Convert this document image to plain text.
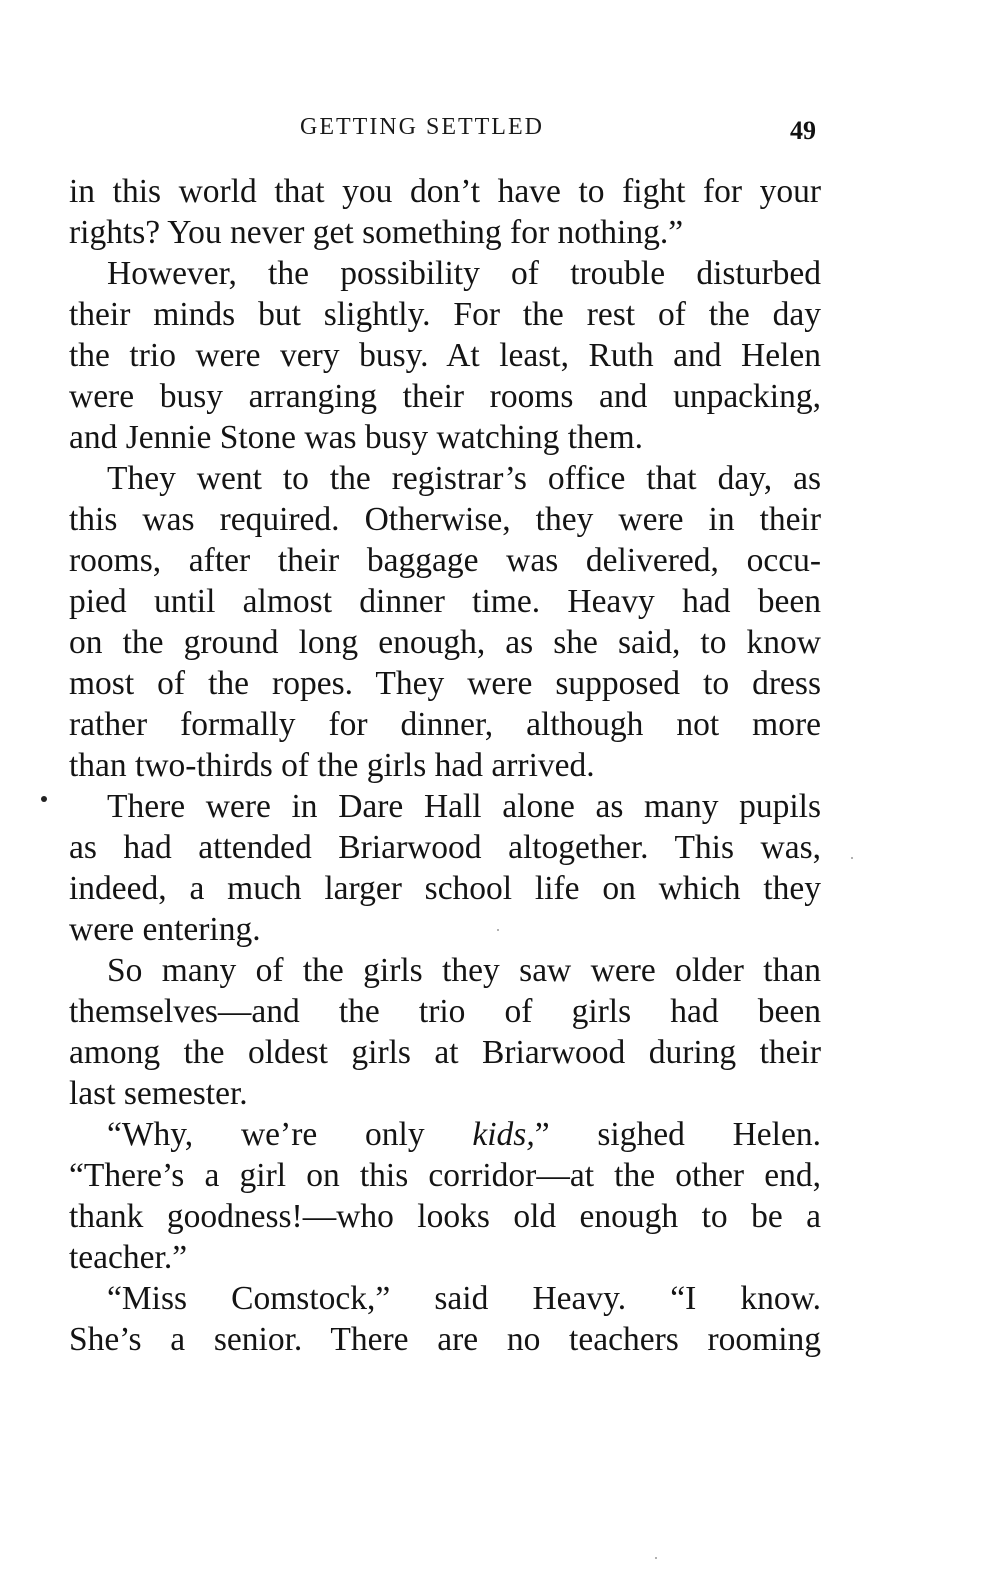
GETTING SETTLED	49
in this world that you don’t have to fight for your
rights? You never get something for nothing.”
However, the possibility of trouble disturbed
their minds but slightly. For the rest of the day
the trio were very busy. At least, Ruth and Helen
were busy arranging their rooms and unpacking,
and Jennie Stone was busy watching them.
They went to the registrar’s office that day, as
this was required. Otherwise, they were in their
rooms, after their baggage was delivered, occu-
pied until almost dinner time. Heavy had been
on the ground long enough, as she said, to know
most of the ropes. They were supposed to dress
rather formally for dinner, although not more
than two-thirds of the girls had arrived.
There were in Dare Hall alone as many pupils
as had attended Briarwood altogether. This was,
indeed, a much larger school life on which they
were entering.
So many of the girls they saw were older than
themselves—and the trio of girls had been
among the oldest girls at Briarwood during their
last semester.
“Why, we’re only kids,” sighed Helen.
“There’s a girl on this corridor—at the other end,
thank goodness!—who looks old enough to be a
teacher.”
“Miss Comstock,” said Heavy. “I know.
She’s a senior. There are no teachers rooming
